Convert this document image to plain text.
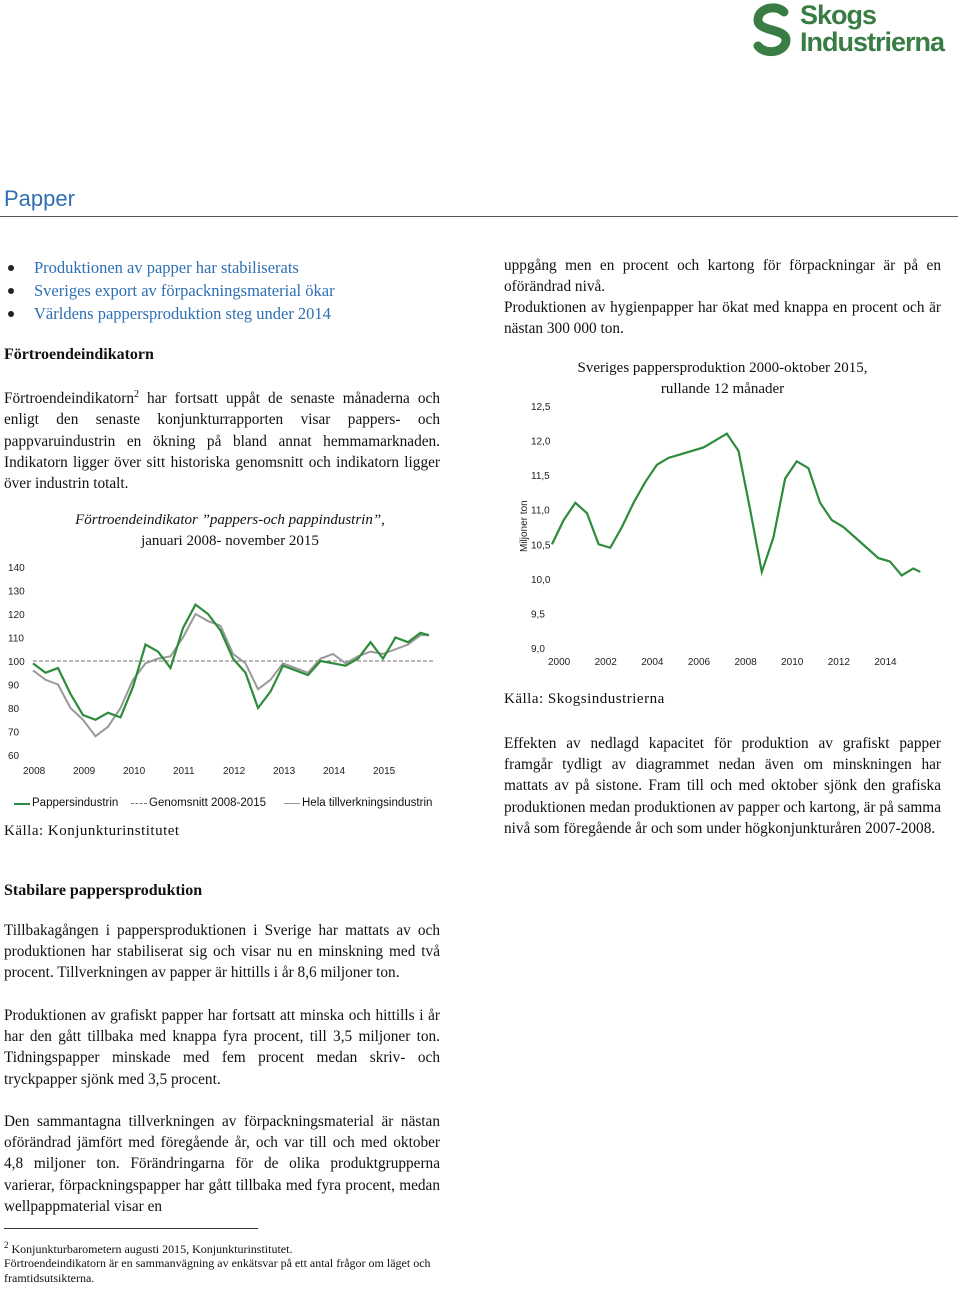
Skogs
Industrierna
Papper
Produktionen av papper har stabiliserats
Sveriges export av förpackningsmaterial ökar
Världens pappersproduktion steg under 2014
Förtroendeindikatorn

Förtroendeindikatorn$^2$ har fortsatt uppåt de senaste månaderna och enligt den senaste konjunkturrapporten visar pappers- och pappvaruindustrin en ökning på bland annat hemmamarknaden. Indikatorn ligger över sitt historiska genomsnitt och indikatorn ligger över industrin totalt.

Förtroendeindikator ”pappers-och pappindustrin”,
januari 2008- november 2015
60
70
80
90
100
110
120
130
140
2008	2009	2010	2011	2012	2013	2014	2015
Pappersindustrin	Genomsnitt 2008-2015	Hela tillverkningsindustrin
Källa: Konjunkturinstitutet
Stabilare pappersproduktion

Tillbakagången i pappersproduktionen i Sverige har mattats av och produktionen har stabiliserat sig och visar nu en minskning med två procent. Tillverkningen av papper är hittills i år 8,6 miljoner ton.

Produktionen av grafiskt papper har fortsatt att minska och hittills i år har den gått tillbaka med knappa fyra procent, till 3,5 miljoner ton. Tidningspapper minskade med fem procent medan skriv- och tryckpapper sjönk med 3,5 procent.

Den sammantagna tillverkningen av förpackningsmaterial är nästan oförändrad jämfört med föregående år, och var till och med oktober 4,8 miljoner ton. Förändringarna för de olika produktgrupperna varierar, förpackningspapper har gått tillbaka med fyra procent, medan wellpappmaterial visar en

$^2$ Konjunkturbarometern augusti 2015, Konjunkturinstitutet.
Förtroendeindikatorn är en sammanvägning av enkätsvar på ett antal frågor om läget och framtidsutsikterna.

uppgång men en procent och kartong för förpackningar är på en oförändrad nivå.

Produktionen av hygienpapper har ökat med knappa en procent och är nästan 300 000 ton.

Sveriges pappersproduktion 2000-oktober 2015,
rullande 12 månader
9,0
9,5
10,0
10,5
11,0
11,5
12,0
12,5
2000 2002 2004 2006 2008 2010 2012 2014
Miljoner ton
Källa: Skogsindustrierna

Effekten av nedlagd kapacitet för produktion av grafiskt papper framgår tydligt av diagrammet nedan även om minskningen har mattats av på sistone. Fram till och med oktober sjönk den grafiska produktionen medan produktionen av papper och kartong, är på samma nivå som föregående år och som under högkonjunkturåren 2007-2008.
